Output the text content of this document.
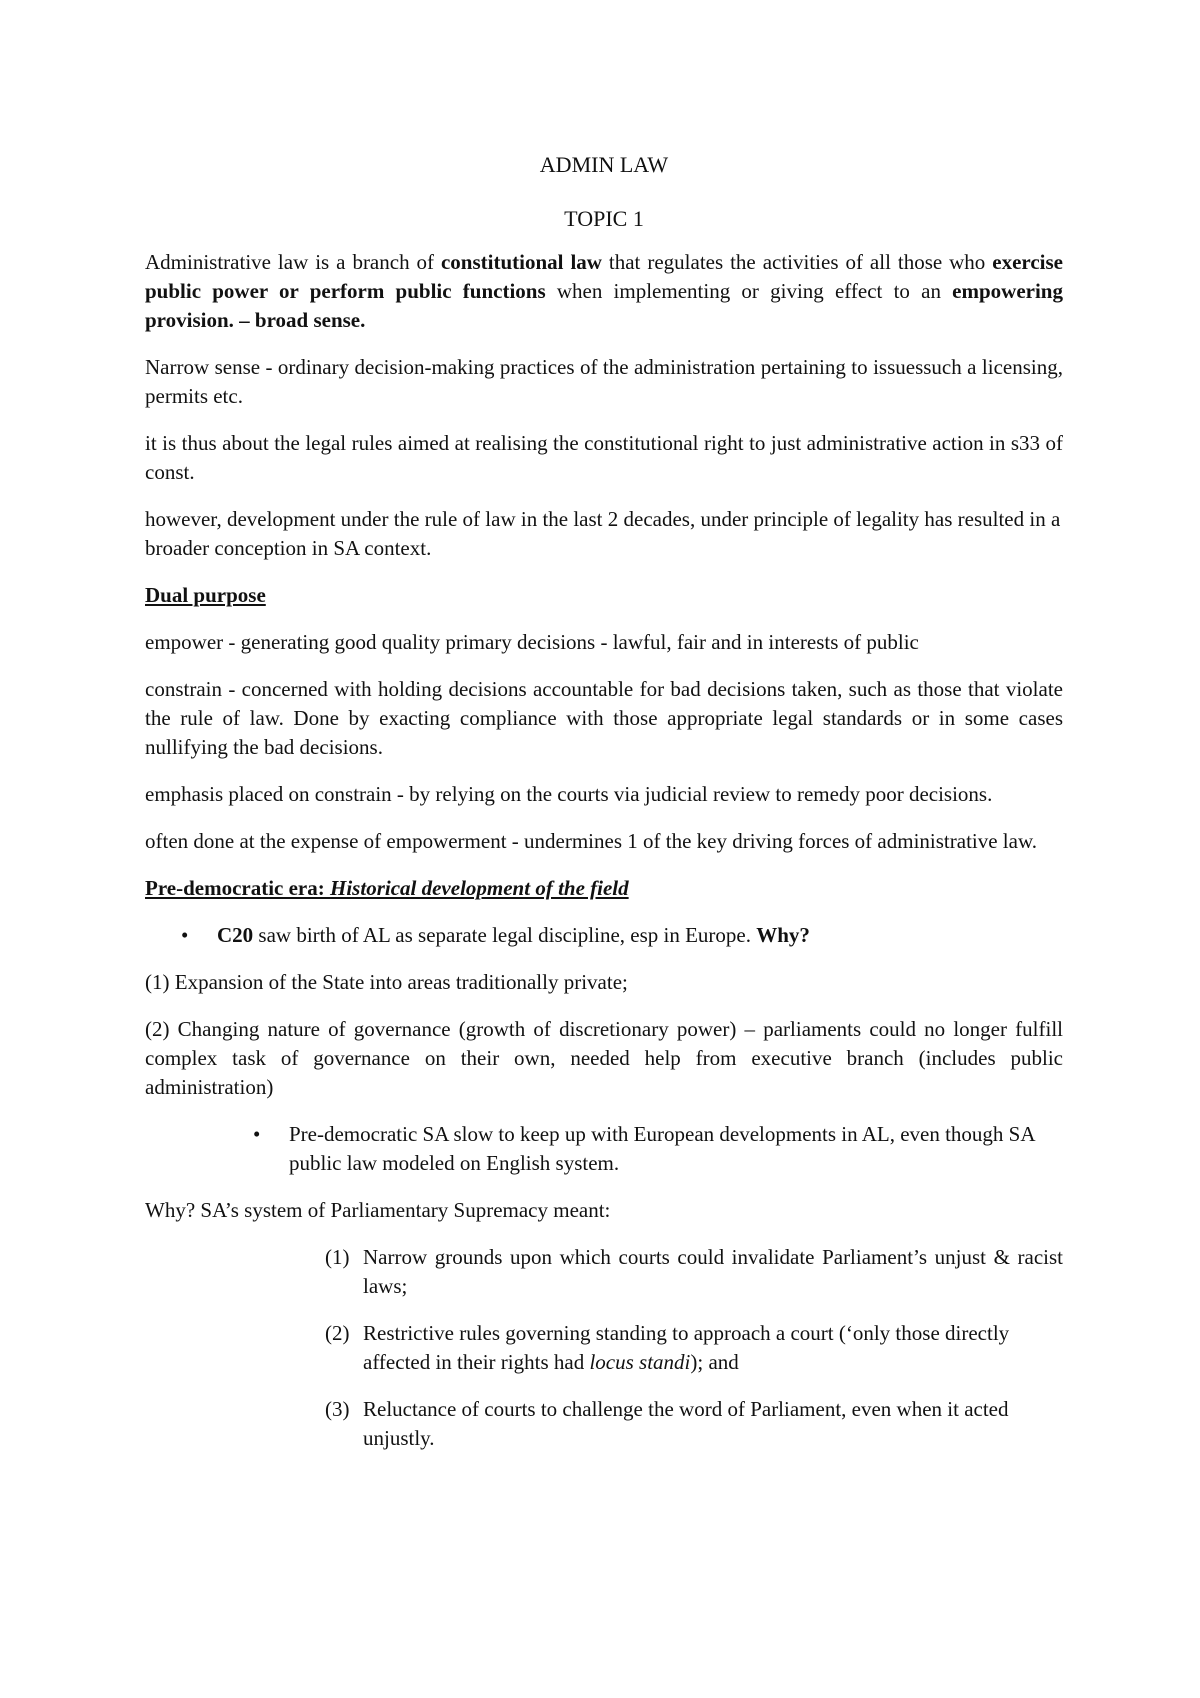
ADMIN LAW
TOPIC 1

Administrative law is a branch of constitutional law that regulates the activities of all those who exercise public power or perform public functions when implementing or giving effect to an empowering provision. – broad sense.

Narrow sense - ordinary decision-making practices of the administration pertaining to issuessuch a licensing, permits etc.

it is thus about the legal rules aimed at realising the constitutional right to just administrative action in s33 of const.

however, development under the rule of law in the last 2 decades, under principle of legality has resulted in a broader conception in SA context.

Dual purpose

empower - generating good quality primary decisions - lawful, fair and in interests of public

constrain - concerned with holding decisions accountable for bad decisions taken, such as those that violate the rule of law. Done by exacting compliance with those appropriate legal standards or in some cases nullifying the bad decisions.

emphasis placed on constrain - by relying on the courts via judicial review to remedy poor decisions.

often done at the expense of empowerment - undermines 1 of the key driving forces of administrative law.

Pre-democratic era: Historical development of the field

•	C20 saw birth of AL as separate legal discipline, esp in Europe. Why?

(1) Expansion of the State into areas traditionally private;

(2) Changing nature of governance (growth of discretionary power) – parliaments could no longer fulfill complex task of governance on their own, needed help from executive branch (includes public administration)

•	Pre-democratic SA slow to keep up with European developments in AL, even though SA public law modeled on English system.

Why? SA’s system of Parliamentary Supremacy meant:

(1) Narrow grounds upon which courts could invalidate Parliament’s unjust & racist laws;
(2) Restrictive rules governing standing to approach a court (‘only those directly affected in their rights had locus standi); and
(3) Reluctance of courts to challenge the word of Parliament, even when it acted unjustly.
